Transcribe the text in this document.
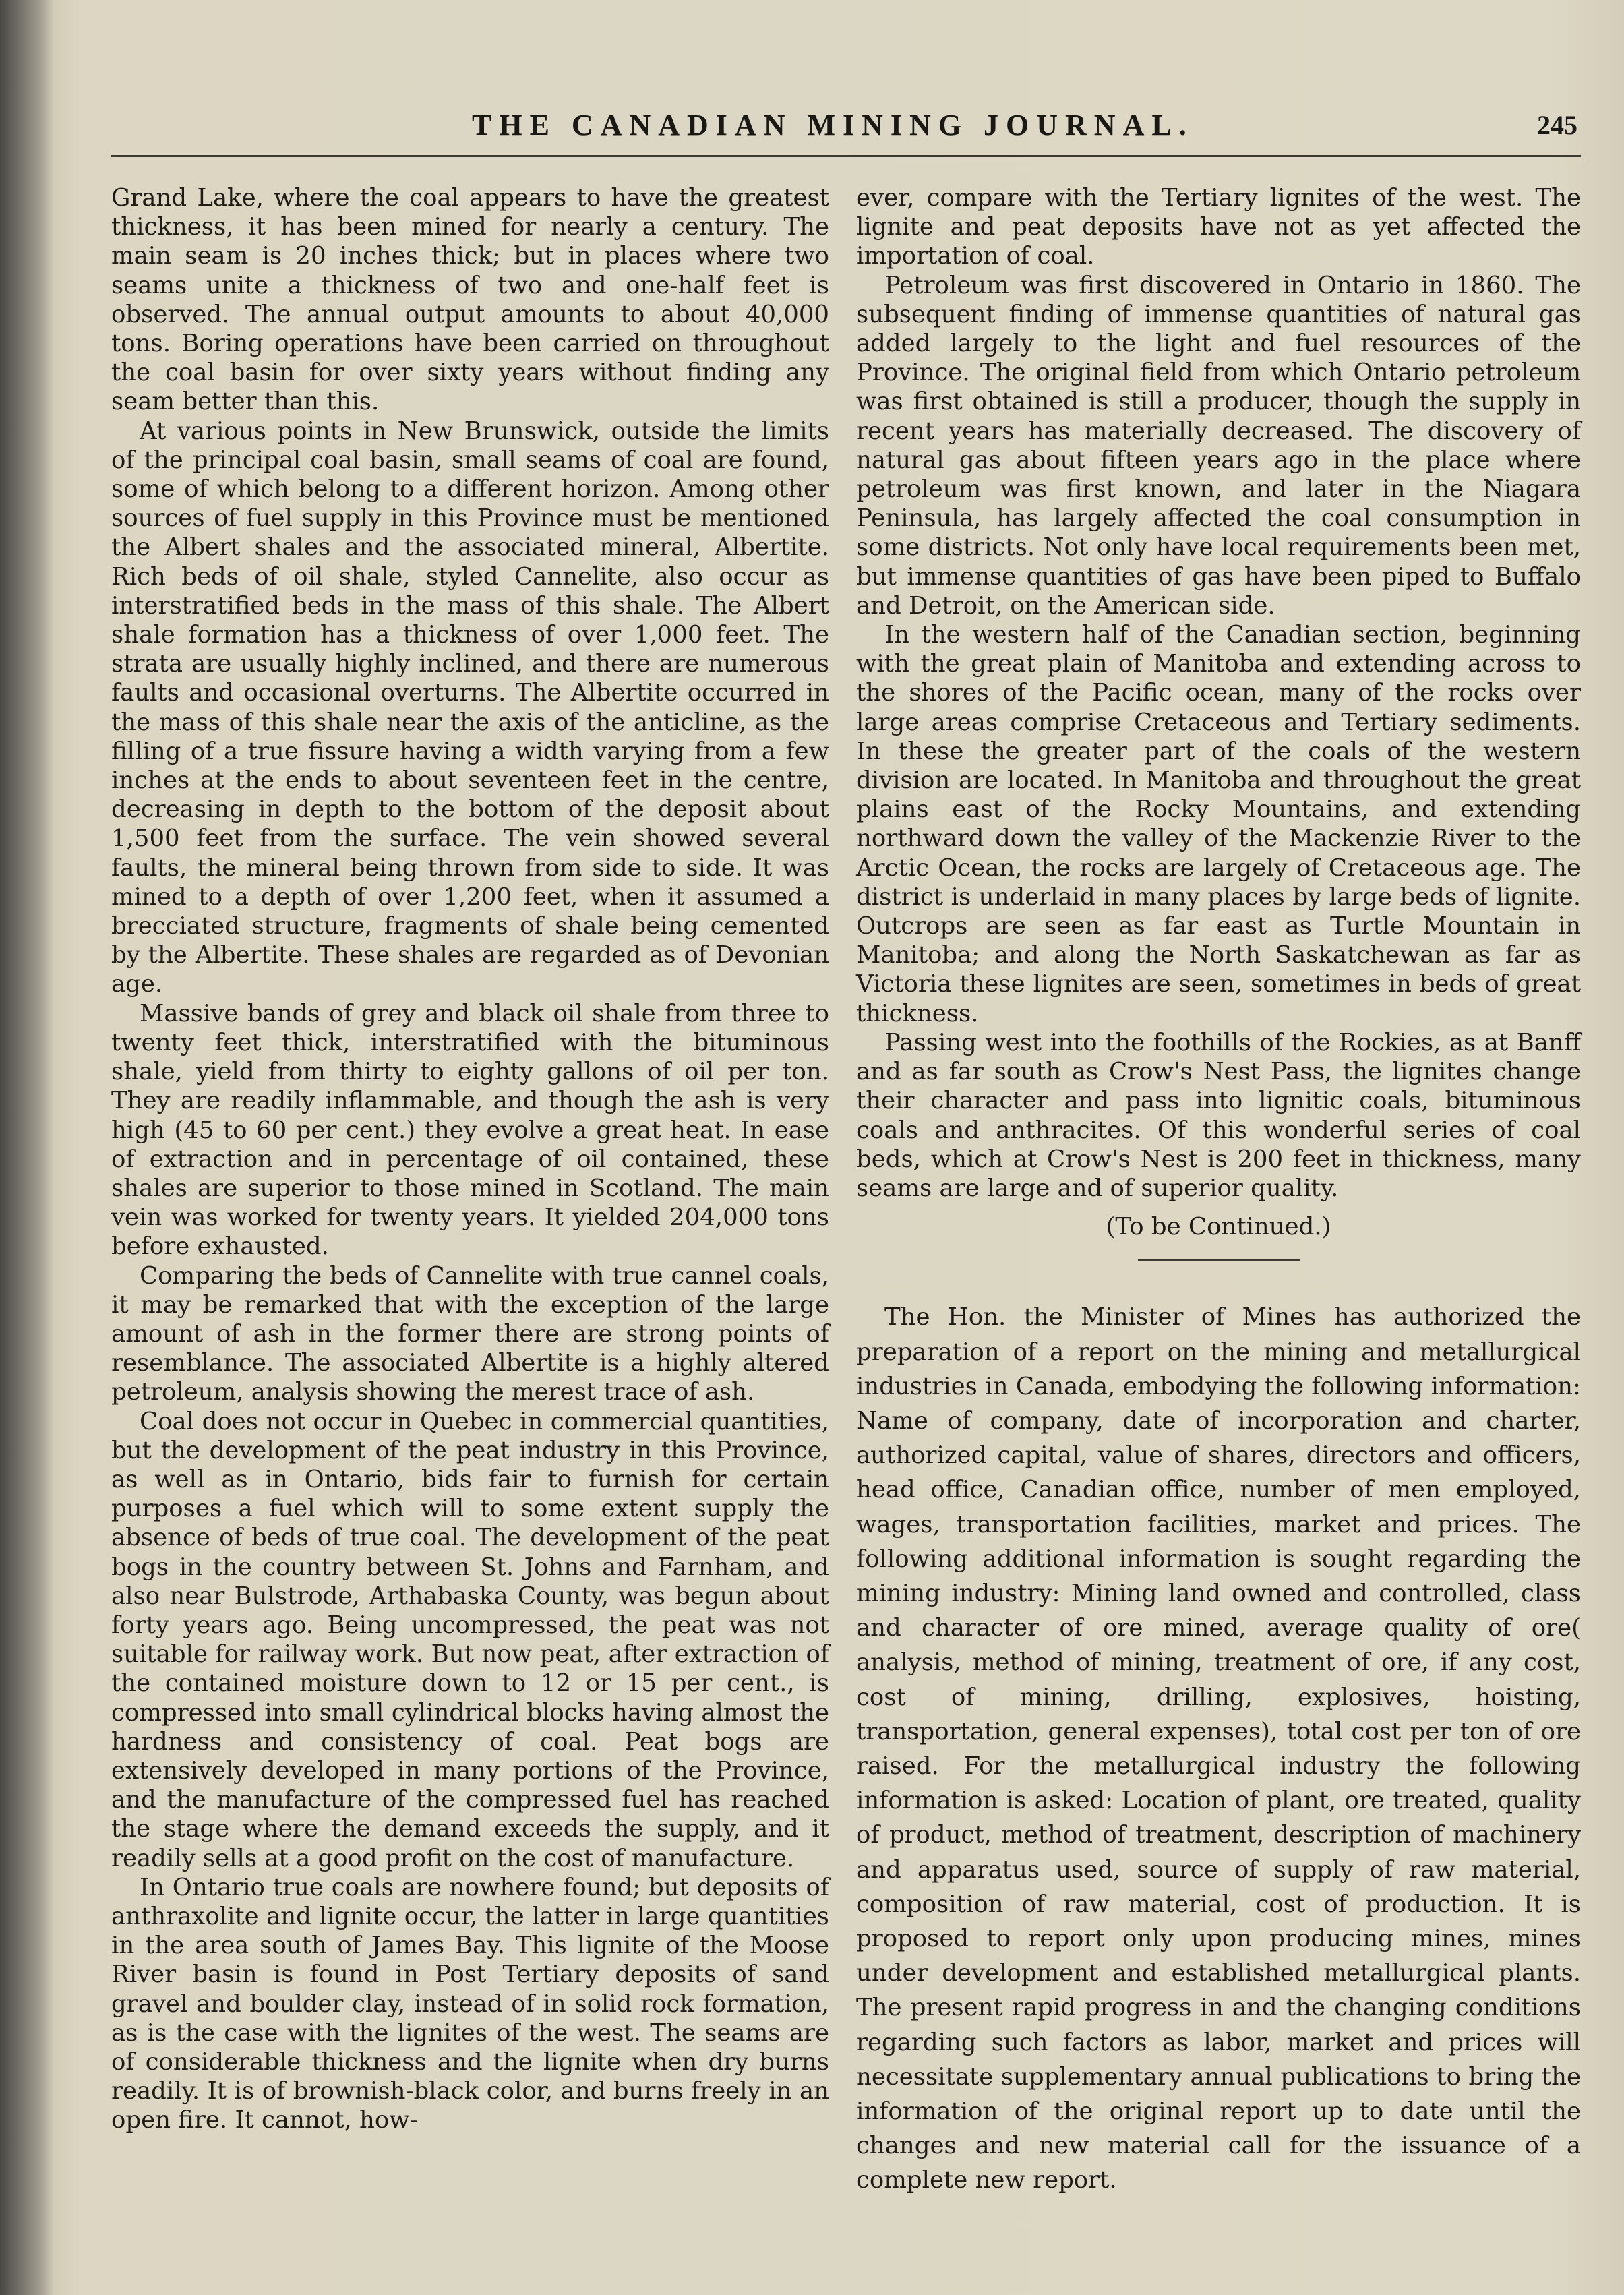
THE CANADIAN MINING JOURNAL.	245

Grand Lake, where the coal appears to have the greatest thickness, it has been mined for nearly a century. The main seam is 20 inches thick; but in places where two seams unite a thickness of two and one-half feet is observed. The annual output amounts to about 40,000 tons. Boring operations have been carried on throughout the coal basin for over sixty years without finding any seam better than this.

At various points in New Brunswick, outside the limits of the principal coal basin, small seams of coal are found, some of which belong to a different horizon. Among other sources of fuel supply in this Province must be mentioned the Albert shales and the associated mineral, Albertite. Rich beds of oil shale, styled Cannelite, also occur as interstratified beds in the mass of this shale. The Albert shale formation has a thickness of over 1,000 feet. The strata are usually highly inclined, and there are numerous faults and occasional overturns. The Albertite occurred in the mass of this shale near the axis of the anticline, as the filling of a true fissure having a width varying from a few inches at the ends to about seventeen feet in the centre, decreasing in depth to the bottom of the deposit about 1,500 feet from the surface. The vein showed several faults, the mineral being thrown from side to side. It was mined to a depth of over 1,200 feet, when it assumed a brecciated structure, fragments of shale being cemented by the Albertite. These shales are regarded as of Devonian age.

Massive bands of grey and black oil shale from three to twenty feet thick, interstratified with the bituminous shale, yield from thirty to eighty gallons of oil per ton. They are readily inflammable, and though the ash is very high (45 to 60 per cent.) they evolve a great heat. In ease of extraction and in percentage of oil contained, these shales are superior to those mined in Scotland. The main vein was worked for twenty years. It yielded 204,000 tons before exhausted.

Comparing the beds of Cannelite with true cannel coals, it may be remarked that with the exception of the large amount of ash in the former there are strong points of resemblance. The associated Albertite is a highly altered petroleum, analysis showing the merest trace of ash.

Coal does not occur in Quebec in commercial quantities, but the development of the peat industry in this Province, as well as in Ontario, bids fair to furnish for certain purposes a fuel which will to some extent supply the absence of beds of true coal. The development of the peat bogs in the country between St. Johns and Farnham, and also near Bulstrode, Arthabaska County, was begun about forty years ago. Being uncompressed, the peat was not suitable for railway work. But now peat, after extraction of the contained moisture down to 12 or 15 per cent., is compressed into small cylindrical blocks having almost the hardness and consistency of coal. Peat bogs are extensively developed in many portions of the Province, and the manufacture of the compressed fuel has reached the stage where the demand exceeds the supply, and it readily sells at a good profit on the cost of manufacture.

In Ontario true coals are nowhere found; but deposits of anthraxolite and lignite occur, the latter in large quantities in the area south of James Bay. This lignite of the Moose River basin is found in Post Tertiary deposits of sand gravel and boulder clay, instead of in solid rock formation, as is the case with the lignites of the west. The seams are of considerable thickness and the lignite when dry burns readily. It is of brownish-black color, and burns freely in an open fire. It cannot, how-

ever, compare with the Tertiary lignites of the west. The lignite and peat deposits have not as yet affected the importation of coal.

Petroleum was first discovered in Ontario in 1860. The subsequent finding of immense quantities of natural gas added largely to the light and fuel resources of the Province. The original field from which Ontario petroleum was first obtained is still a producer, though the supply in recent years has materially decreased. The discovery of natural gas about fifteen years ago in the place where petroleum was first known, and later in the Niagara Peninsula, has largely affected the coal consumption in some districts. Not only have local requirements been met, but immense quantities of gas have been piped to Buffalo and Detroit, on the American side.

In the western half of the Canadian section, beginning with the great plain of Manitoba and extending across to the shores of the Pacific ocean, many of the rocks over large areas comprise Cretaceous and Tertiary sediments. In these the greater part of the coals of the western division are located. In Manitoba and throughout the great plains east of the Rocky Mountains, and extending northward down the valley of the Mackenzie River to the Arctic Ocean, the rocks are largely of Cretaceous age. The district is underlaid in many places by large beds of lignite. Outcrops are seen as far east as Turtle Mountain in Manitoba; and along the North Saskatchewan as far as Victoria these lignites are seen, sometimes in beds of great thickness.

Passing west into the foothills of the Rockies, as at Banff and as far south as Crow's Nest Pass, the lignites change their character and pass into lignitic coals, bituminous coals and anthracites. Of this wonderful series of coal beds, which at Crow's Nest is 200 feet in thickness, many seams are large and of superior quality.

(To be Continued.)

The Hon. the Minister of Mines has authorized the preparation of a report on the mining and metallurgical industries in Canada, embodying the following information: Name of company, date of incorporation and charter, authorized capital, value of shares, directors and officers, head office, Canadian office, number of men employed, wages, transportation facilities, market and prices. The following additional information is sought regarding the mining industry: Mining land owned and controlled, class and character of ore mined, average quality of ore( analysis, method of mining, treatment of ore, if any cost, cost of mining, drilling, explosives, hoisting, transportation, general expenses), total cost per ton of ore raised. For the metallurgical industry the following information is asked: Location of plant, ore treated, quality of product, method of treatment, description of machinery and apparatus used, source of supply of raw material, composition of raw material, cost of production. It is proposed to report only upon producing mines, mines under development and established metallurgical plants. The present rapid progress in and the changing conditions regarding such factors as labor, market and prices will necessitate supplementary annual publications to bring the information of the original report up to date until the changes and new material call for the issuance of a complete new report.
